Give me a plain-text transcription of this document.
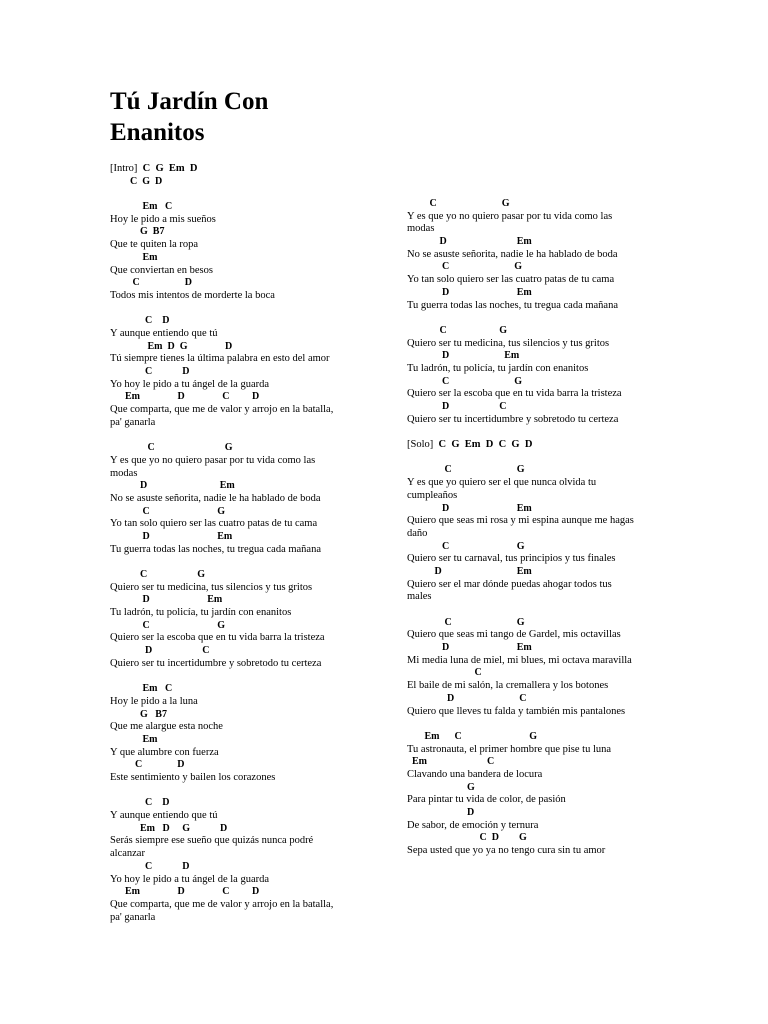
Tú Jardín Con
Enanitos
[Intro]  C  G  Em  D
C  G  D
Em   C
Hoy le pido a mis sueños
G  B7
Que te quiten la ropa
Em
Que conviertan en besos
C                  D
Todos mis intentos de morderte la boca
C    D
Y aunque entiendo que tú
Em  D  G               D
Tú siempre tienes la última palabra en esto del amor
C            D
Yo hoy le pido a tu ángel de la guarda
Em               D               C         D
Que comparta, que me de valor y arrojo en la batalla,
pa' ganarla
C                            G
Y es que yo no quiero pasar por tu vida como las
modas
D                             Em
No se asuste señorita, nadie le ha hablado de boda
C                           G
Yo tan solo quiero ser las cuatro patas de tu cama
D                           Em
Tu guerra todas las noches, tu tregua cada mañana
C                    G
Quiero ser tu medicina, tus silencios y tus gritos
D                       Em
Tu ladrón, tu policía, tu jardín con enanitos
C                           G
Quiero ser la escoba que en tu vida barra la tristeza
D                    C
Quiero ser tu incertidumbre y sobretodo tu certeza
Em   C
Hoy le pido a la luna
G   B7
Que me alargue esta noche
Em
Y que alumbre con fuerza
C              D
Este sentimiento y bailen los corazones
C    D
Y aunque entiendo que tú
Em   D     G            D
Serás siempre ese sueño que quizás nunca podré
alcanzar
C            D
Yo hoy le pido a tu ángel de la guarda
Em               D               C         D
Que comparta, que me de valor y arrojo en la batalla,
pa' ganarla
C                          G
Y es que yo no quiero pasar por tu vida como las
modas
D                            Em
No se asuste señorita, nadie le ha hablado de boda
C                          G
Yo tan solo quiero ser las cuatro patas de tu cama
D                           Em
Tu guerra todas las noches, tu tregua cada mañana
C                     G
Quiero ser tu medicina, tus silencios y tus gritos
D                      Em
Tu ladrón, tu policía, tu jardín con enanitos
C                          G
Quiero ser la escoba que en tu vida barra la tristeza
D                    C
Quiero ser tu incertidumbre y sobretodo tu certeza
[Solo]  C  G  Em  D  C  G  D
C                          G
Y es que yo quiero ser el que nunca olvida tu
cumpleaños
D                           Em
Quiero que seas mi rosa y mi espina aunque me hagas
daño
C                           G
Quiero ser tu carnaval, tus principios y tus finales
D                              Em
Quiero ser el mar dónde puedas ahogar todos tus
males
C                          G
Quiero que seas mi tango de Gardel, mis octavillas
D                           Em
Mi media luna de miel, mi blues, mi octava maravilla
C
El baile de mi salón, la cremallera y los botones
D                          C
Quiero que lleves tu falda y también mis pantalones
Em      C                           G
Tu astronauta, el primer hombre que pise tu luna
Em                        C
Clavando una bandera de locura
G
Para pintar tu vida de color, de pasión
D
De sabor, de emoción y ternura
C  D        G
Sepa usted que yo ya no tengo cura sin tu amor
